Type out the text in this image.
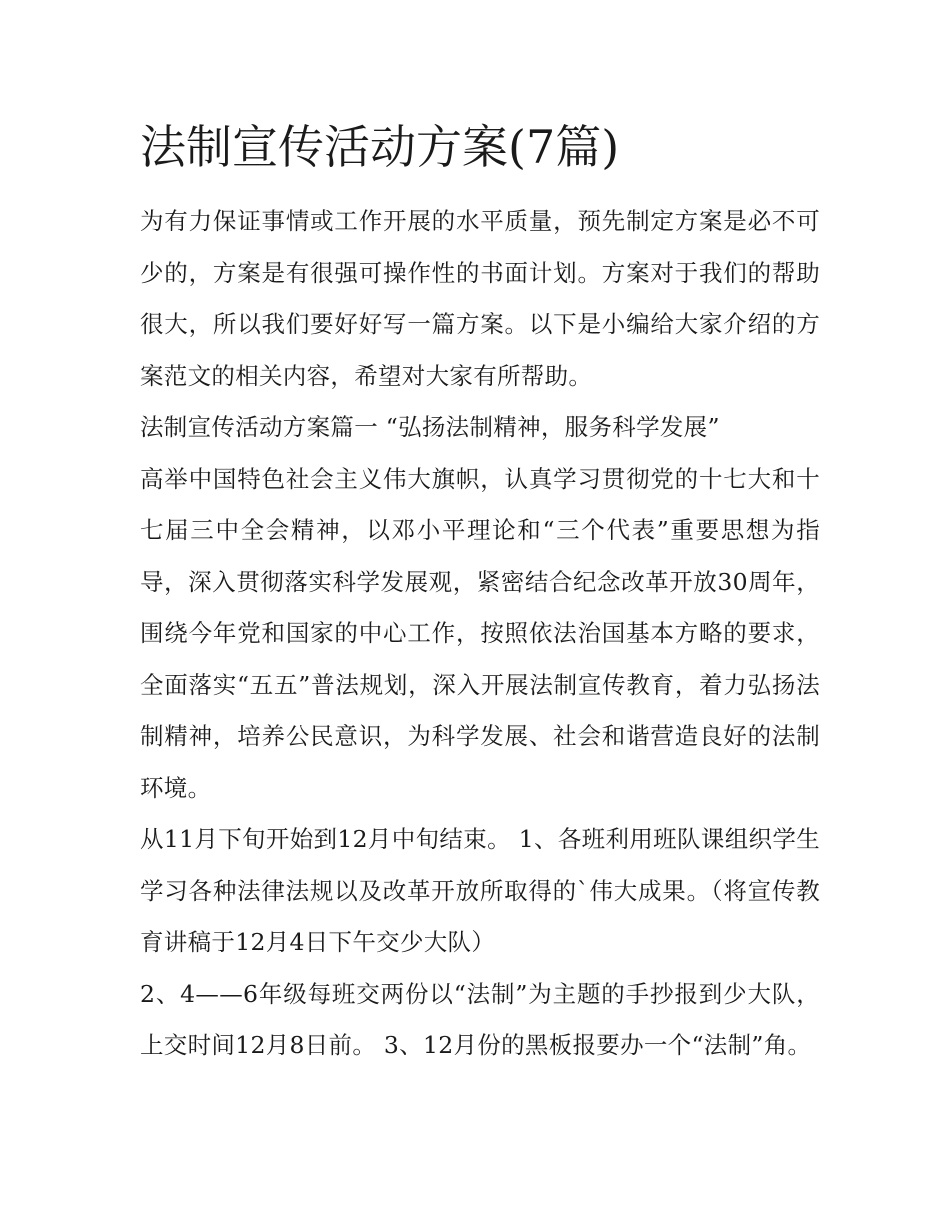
法制宣传活动方案(7篇)

为有力保证事情或工作开展的水平质量，预先制定方案是必不可少的，方案是有很强可操作性的书面计划。方案对于我们的帮助很大，所以我们要好好写一篇方案。以下是小编给大家介绍的方案范文的相关内容，希望对大家有所帮助。

法制宣传活动方案篇一 “弘扬法制精神，服务科学发展”

高举中国特色社会主义伟大旗帜，认真学习贯彻党的十七大和十七届三中全会精神，以邓小平理论和“三个代表”重要思想为指导，深入贯彻落实科学发展观，紧密结合纪念改革开放30周年，围绕今年党和国家的中心工作，按照依法治国基本方略的要求，全面落实“五五”普法规划，深入开展法制宣传教育，着力弘扬法制精神，培养公民意识，为科学发展、社会和谐营造良好的法制环境。

从11月下旬开始到12月中旬结束。 1、各班利用班队课组织学生学习各种法律法规以及改革开放所取得的`伟大成果。（将宣传教育讲稿于12月4日下午交少大队）

2、4——6年级每班交两份以“法制”为主题的手抄报到少大队，上交时间12月8日前。 3、12月份的黑板报要办一个“法制”角。
